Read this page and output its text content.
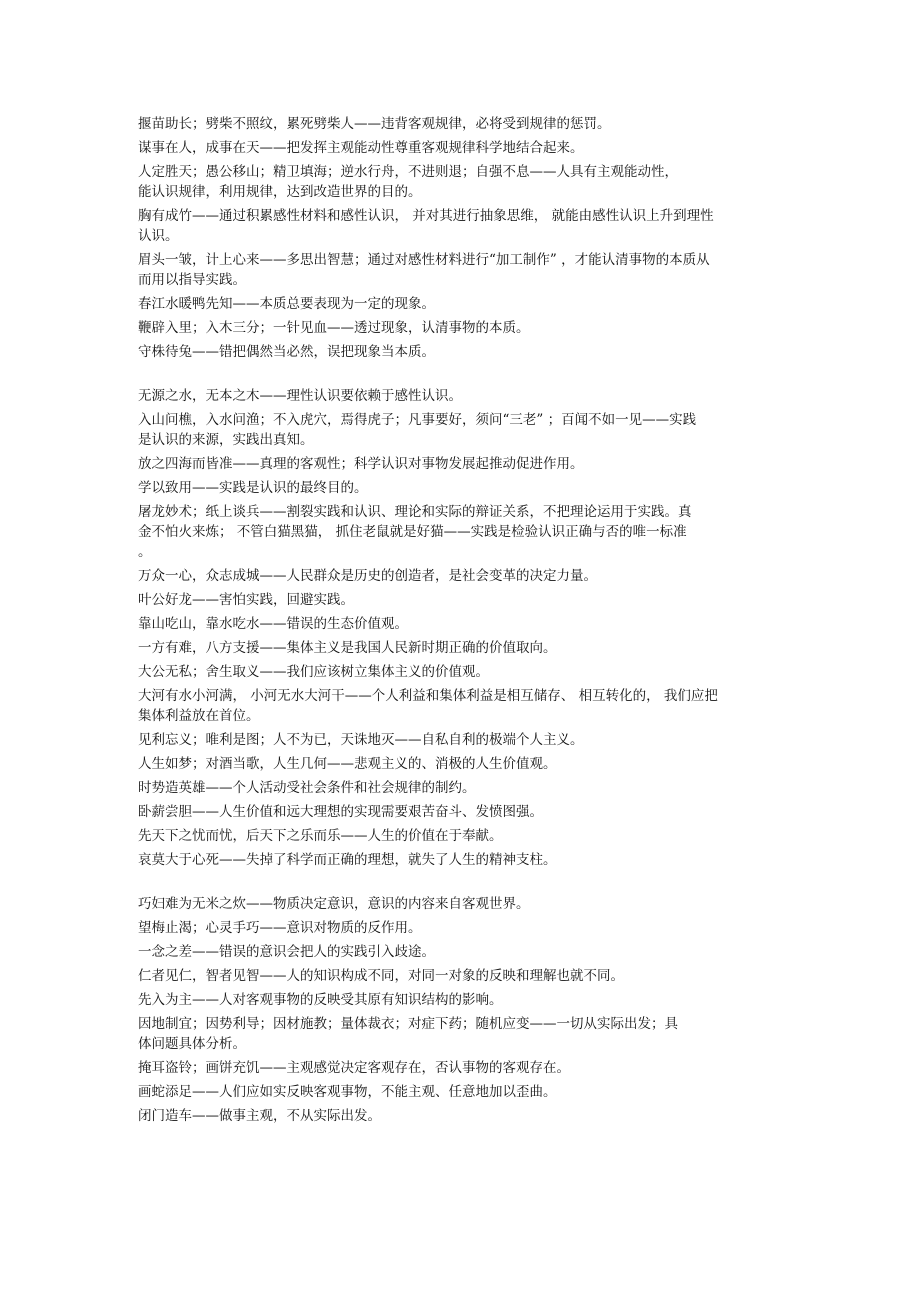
揠苗助长；劈柴不照纹，累死劈柴人——违背客观规律，必将受到规律的惩罚。
谋事在人，成事在天——把发挥主观能动性尊重客观规律科学地结合起来。
人定胜天；愚公移山；精卫填海；逆水行舟，不进则退；自强不息——人具有主观能动性，
能认识规律，利用规律，达到改造世界的目的。
胸有成竹——通过积累感性材料和感性认识， 并对其进行抽象思维， 就能由感性认识上升到理性
认识。
眉头一皱，计上心来——多思出智慧；通过对感性材料进行“加工制作” ，才能认清事物的本质从
而用以指导实践。
春江水暖鸭先知——本质总要表现为一定的现象。
鞭辟入里；入木三分；一针见血——透过现象，认清事物的本质。
守株待兔——错把偶然当必然，误把现象当本质。
无源之水，无本之木——理性认识要依赖于感性认识。
入山问樵，入水问渔；不入虎穴，焉得虎子；凡事要好，须问“三老” ；百闻不如一见——实践
是认识的来源，实践出真知。
放之四海而皆准——真理的客观性；科学认识对事物发展起推动促进作用。
学以致用——实践是认识的最终目的。
屠龙妙术；纸上谈兵——割裂实践和认识、理论和实际的辩证关系，不把理论运用于实践。真
金不怕火来炼； 不管白猫黑猫， 抓住老鼠就是好猫——实践是检验认识正确与否的唯一标准
。
万众一心，众志成城——人民群众是历史的创造者，是社会变革的决定力量。
叶公好龙——害怕实践，回避实践。
靠山吃山，靠水吃水——错误的生态价值观。
一方有难，八方支援——集体主义是我国人民新时期正确的价值取向。
大公无私；舍生取义——我们应该树立集体主义的价值观。
大河有水小河满， 小河无水大河干——个人利益和集体利益是相互储存、 相互转化的， 我们应把
集体利益放在首位。
见利忘义；唯利是图；人不为已，天诛地灭——自私自利的极端个人主义。
人生如梦；对酒当歌，人生几何——悲观主义的、消极的人生价值观。
时势造英雄——个人活动受社会条件和社会规律的制约。
卧薪尝胆——人生价值和远大理想的实现需要艰苦奋斗、发愤图强。
先天下之忧而忧，后天下之乐而乐——人生的价值在于奉献。
哀莫大于心死——失掉了科学而正确的理想，就失了人生的精神支柱。
巧妇难为无米之炊——物质决定意识，意识的内容来自客观世界。
望梅止渴；心灵手巧——意识对物质的反作用。
一念之差——错误的意识会把人的实践引入歧途。
仁者见仁，智者见智——人的知识构成不同，对同一对象的反映和理解也就不同。
先入为主——人对客观事物的反映受其原有知识结构的影响。
因地制宜；因势利导；因材施教；量体裁衣；对症下药；随机应变——一切从实际出发；具
体问题具体分析。
掩耳盗铃；画饼充饥——主观感觉决定客观存在，否认事物的客观存在。
画蛇添足——人们应如实反映客观事物，不能主观、任意地加以歪曲。
闭门造车——做事主观，不从实际出发。
